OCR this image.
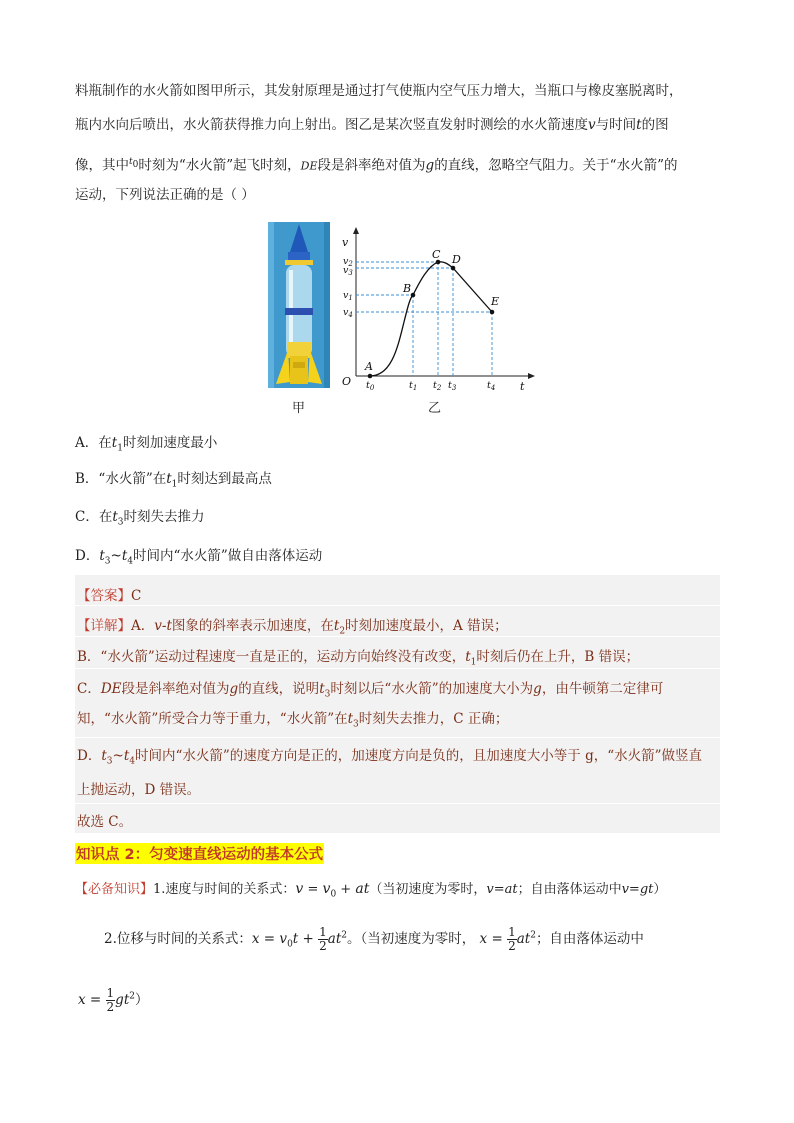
料瓶制作的水火箭如图甲所示，其发射原理是通过打气使瓶内空气压力增大，当瓶口与橡皮塞脱离时，
瓶内水向后喷出，水火箭获得推力向上射出。图乙是某次竖直发射时测绘的水火箭速度v与时间t的图
像，其中$^{t_0}$时刻为“水火箭”起飞时刻，DE段是斜率绝对值为g的直线，忽略空气阻力。关于“水火箭”的
运动，下列说法正确的是（ ）
甲
A
B
C D
E
v
t
O
$v_2$
$v_3$
$v_1$
$v_4$
$t_0$	$t_1$ $t_2$ $t_3$	$t_4$
乙
A．在$t_1$时刻加速度最小
B．“水火箭”在$t_1$时刻达到最高点
C．在$t_3$时刻失去推力
D．$t_3\sim t_4$时间内“水火箭”做自由落体运动
【答案】C
【详解】A．v-t图象的斜率表示加速度，在$t_2$时刻加速度最小，A 错误；
B．“水火箭”运动过程速度一直是正的，运动方向始终没有改变，$t_1$时刻后仍在上升，B 错误；
C．DE段是斜率绝对值为g的直线，说明$t_3$时刻以后“水火箭”的加速度大小为g，由牛顿第二定律可
知，“水火箭”所受合力等于重力，“水火箭”在$t_3$时刻失去推力，C 正确；
D．$t_3\sim t_4$时间内“水火箭”的速度方向是正的，加速度方向是负的，且加速度大小等于 g，“水火箭”做竖直
上抛运动，D 错误。
故选 C。
知识点 2：匀变速直线运动的基本公式
【必备知识】1.速度与时间的关系式：$v = v_0 + at$（当初速度为零时，v=at；自由落体运动中v=gt）
2.位移与时间的关系式：$x = v_0t + \frac{1}{2} at^2$。（当初速度为零时， $x = \frac{1}{2} at^2$；自由落体运动中
$x = \frac{1}{2} gt^2$）
